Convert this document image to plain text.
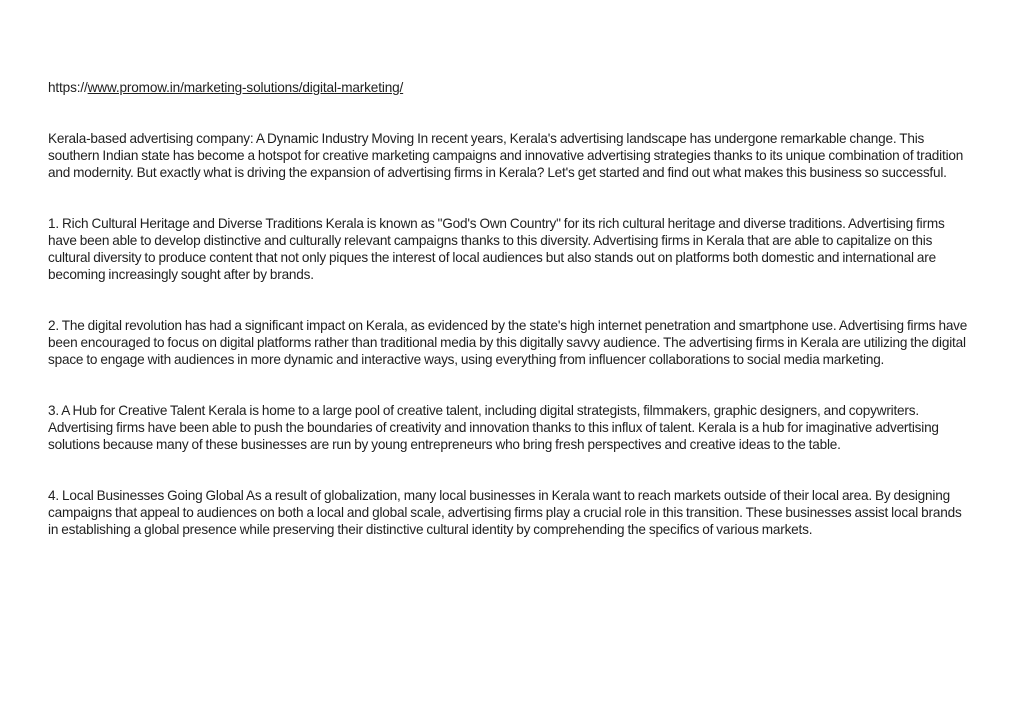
https://www.promow.in/marketing-solutions/digital-marketing/

Kerala-based advertising company: A Dynamic Industry Moving In recent years, Kerala's advertising landscape has undergone remarkable change. This southern Indian state has become a hotspot for creative marketing campaigns and innovative advertising strategies thanks to its unique combination of tradition and modernity. But exactly what is driving the expansion of advertising firms in Kerala? Let's get started and find out what makes this business so successful.

1. Rich Cultural Heritage and Diverse Traditions Kerala is known as "God's Own Country" for its rich cultural heritage and diverse traditions. Advertising firms have been able to develop distinctive and culturally relevant campaigns thanks to this diversity. Advertising firms in Kerala that are able to capitalize on this cultural diversity to produce content that not only piques the interest of local audiences but also stands out on platforms both domestic and international are becoming increasingly sought after by brands.

2. The digital revolution has had a significant impact on Kerala, as evidenced by the state's high internet penetration and smartphone use. Advertising firms have been encouraged to focus on digital platforms rather than traditional media by this digitally savvy audience. The advertising firms in Kerala are utilizing the digital space to engage with audiences in more dynamic and interactive ways, using everything from influencer collaborations to social media marketing.

3. A Hub for Creative Talent Kerala is home to a large pool of creative talent, including digital strategists, filmmakers, graphic designers, and copywriters. Advertising firms have been able to push the boundaries of creativity and innovation thanks to this influx of talent. Kerala is a hub for imaginative advertising solutions because many of these businesses are run by young entrepreneurs who bring fresh perspectives and creative ideas to the table.

4. Local Businesses Going Global As a result of globalization, many local businesses in Kerala want to reach markets outside of their local area. By designing campaigns that appeal to audiences on both a local and global scale, advertising firms play a crucial role in this transition. These businesses assist local brands in establishing a global presence while preserving their distinctive cultural identity by comprehending the specifics of various markets.
